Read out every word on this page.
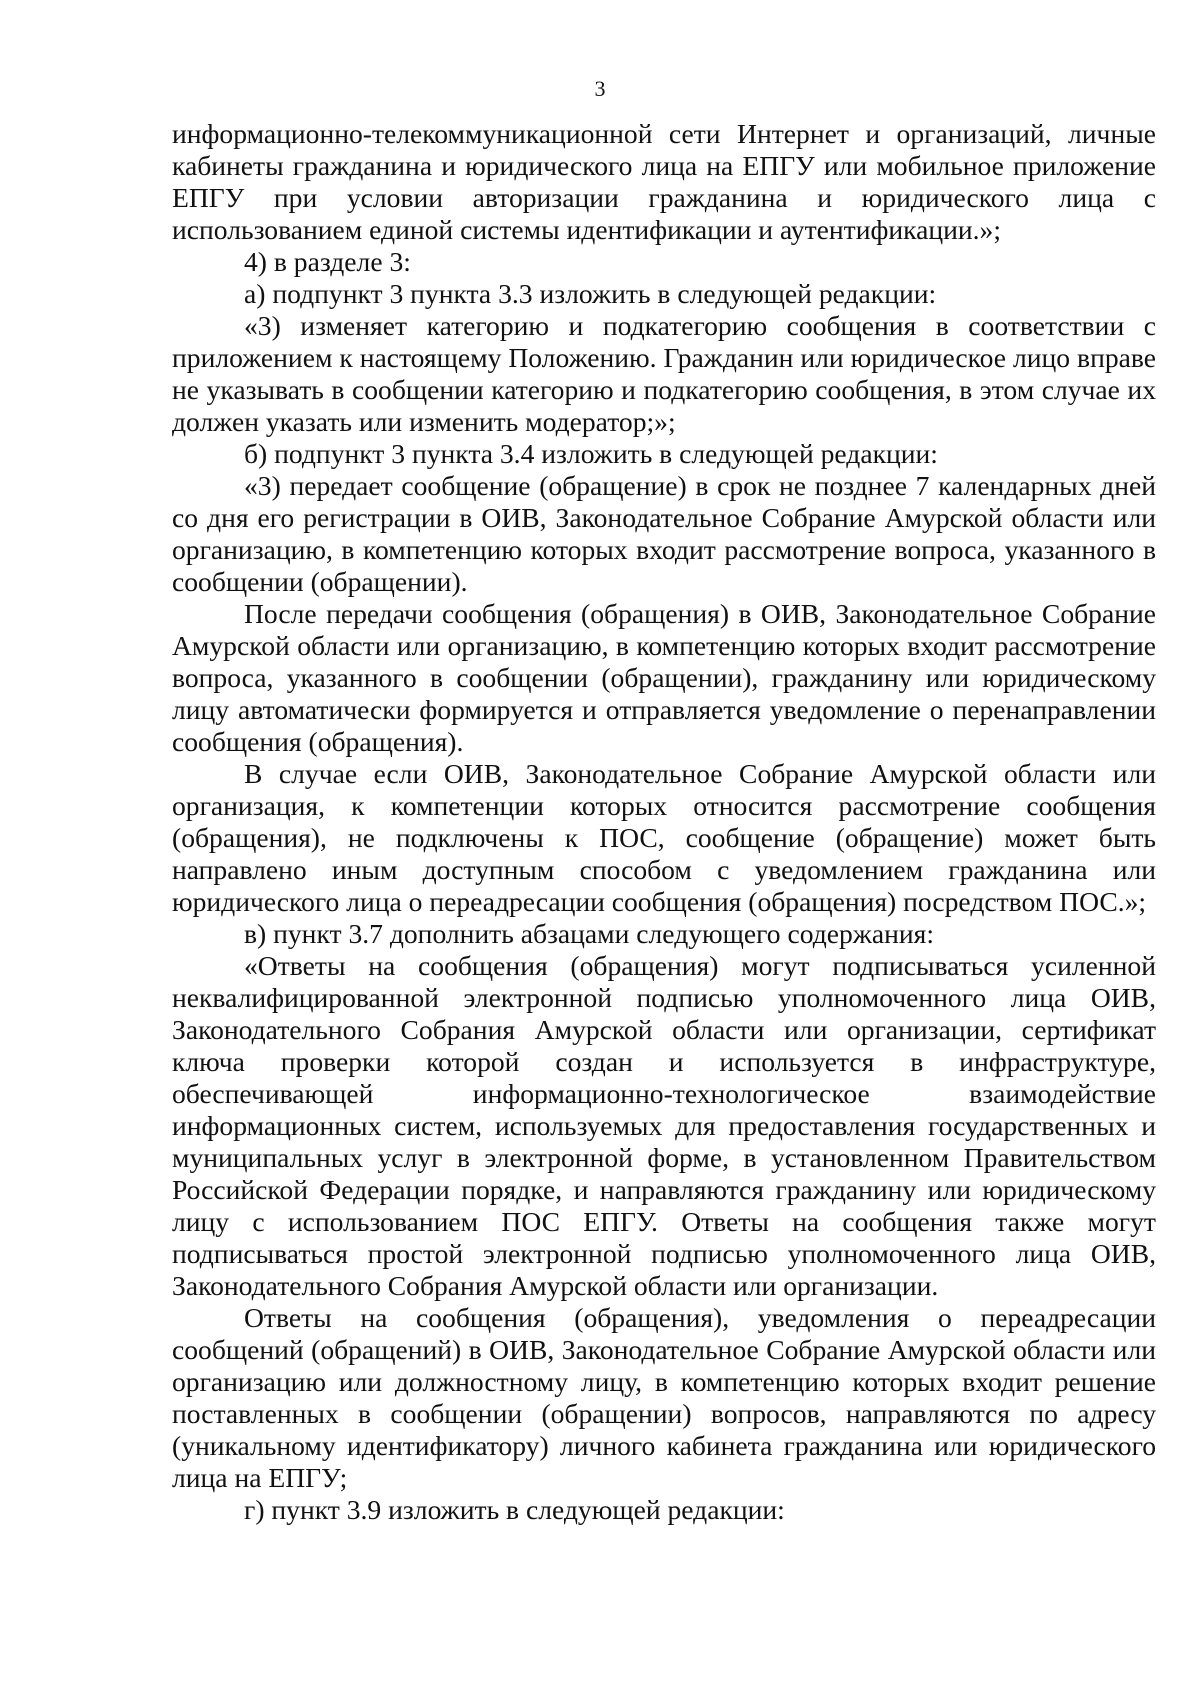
3

информационно-телекоммуникационной сети Интернет и организаций, личные кабинеты гражданина и юридического лица на ЕПГУ или мобильное приложение ЕПГУ при условии авторизации гражданина и юридического лица с использованием единой системы идентификации и аутентификации.»;

4) в разделе 3:

а) подпункт 3 пункта 3.3 изложить в следующей редакции:

«3) изменяет категорию и подкатегорию сообщения в соответствии с приложением к настоящему Положению. Гражданин или юридическое лицо вправе не указывать в сообщении категорию и подкатегорию сообщения, в этом случае их должен указать или изменить модератор;»;

б) подпункт 3 пункта 3.4 изложить в следующей редакции:

«3) передает сообщение (обращение) в срок не позднее 7 календарных дней со дня его регистрации в ОИВ, Законодательное Собрание Амурской области или организацию, в компетенцию которых входит рассмотрение вопроса, указанного в сообщении (обращении).

После передачи сообщения (обращения) в ОИВ, Законодательное Собрание Амурской области или организацию, в компетенцию которых входит рассмотрение вопроса, указанного в сообщении (обращении), гражданину или юридическому лицу автоматически формируется и отправляется уведомление о перенаправлении сообщения (обращения).

В случае если ОИВ, Законодательное Собрание Амурской области или организация, к компетенции которых относится рассмотрение сообщения (обращения), не подключены к ПОС, сообщение (обращение) может быть направлено иным доступным способом с уведомлением гражданина или юридического лица о переадресации сообщения (обращения) посредством ПОС.»;

в) пункт 3.7 дополнить абзацами следующего содержания:

«Ответы на сообщения (обращения) могут подписываться усиленной неквалифицированной электронной подписью уполномоченного лица ОИВ, Законодательного Собрания Амурской области или организации, сертификат ключа проверки которой создан и используется в инфраструктуре, обеспечивающей информационно-технологическое взаимодействие информационных систем, используемых для предоставления государственных и муниципальных услуг в электронной форме, в установленном Правительством Российской Федерации порядке, и направляются гражданину или юридическому лицу с использованием ПОС ЕПГУ. Ответы на сообщения также могут подписываться простой электронной подписью уполномоченного лица ОИВ, Законодательного Собрания Амурской области или организации.

Ответы на сообщения (обращения), уведомления о переадресации сообщений (обращений) в ОИВ, Законодательное Собрание Амурской области или организацию или должностному лицу, в компетенцию которых входит решение поставленных в сообщении (обращении) вопросов, направляются по адресу (уникальному идентификатору) личного кабинета гражданина или юридического лица на ЕПГУ;

г) пункт 3.9 изложить в следующей редакции:
